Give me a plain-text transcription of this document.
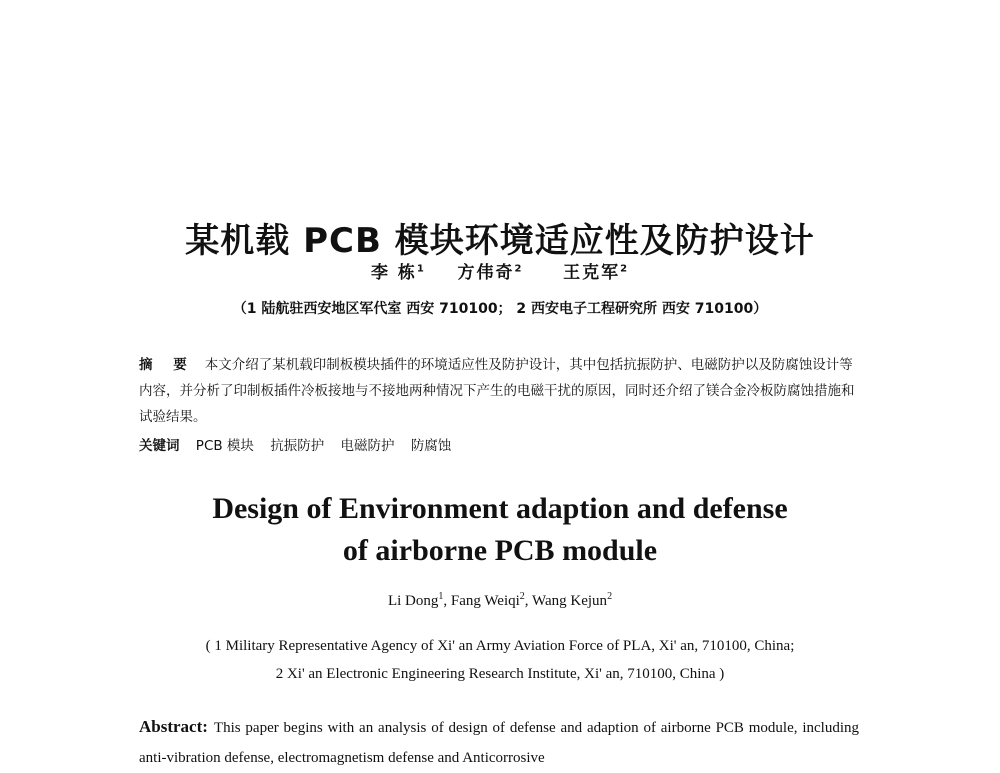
某机载 PCB 模块环境适应性及防护设计
李 栋$^1$ 方伟奇$^2$ 王克军$^2$
（1 陆航驻西安地区军代室 西安 710100； 2 西安电子工程研究所 西安 710100）
摘 要 本文介绍了某机载印制板模块插件的环境适应性及防护设计，其中包括抗振防护、电磁防护以及防腐蚀设计等内容，并分析了印制板插件冷板接地与不接地两种情况下产生的电磁干扰的原因，同时还介绍了镁合金冷板防腐蚀措施和试验结果。
关键词 PCB 模块 抗振防护 电磁防护 防腐蚀
Design of Environment adaption and defense
of airborne PCB module
Li Dong$^1$, Fang Weiqi$^2$, Wang Kejun$^2$
( 1 Military Representative Agency of Xi' an Army Aviation Force of PLA, Xi' an, 710100, China;
2 Xi' an Electronic Engineering Research Institute, Xi' an, 710100, China )
Abstract: This paper begins with an analysis of design of defense and adaption of airborne PCB module, including anti-vibration defense, electromagnetism defense and Anticorrosive
